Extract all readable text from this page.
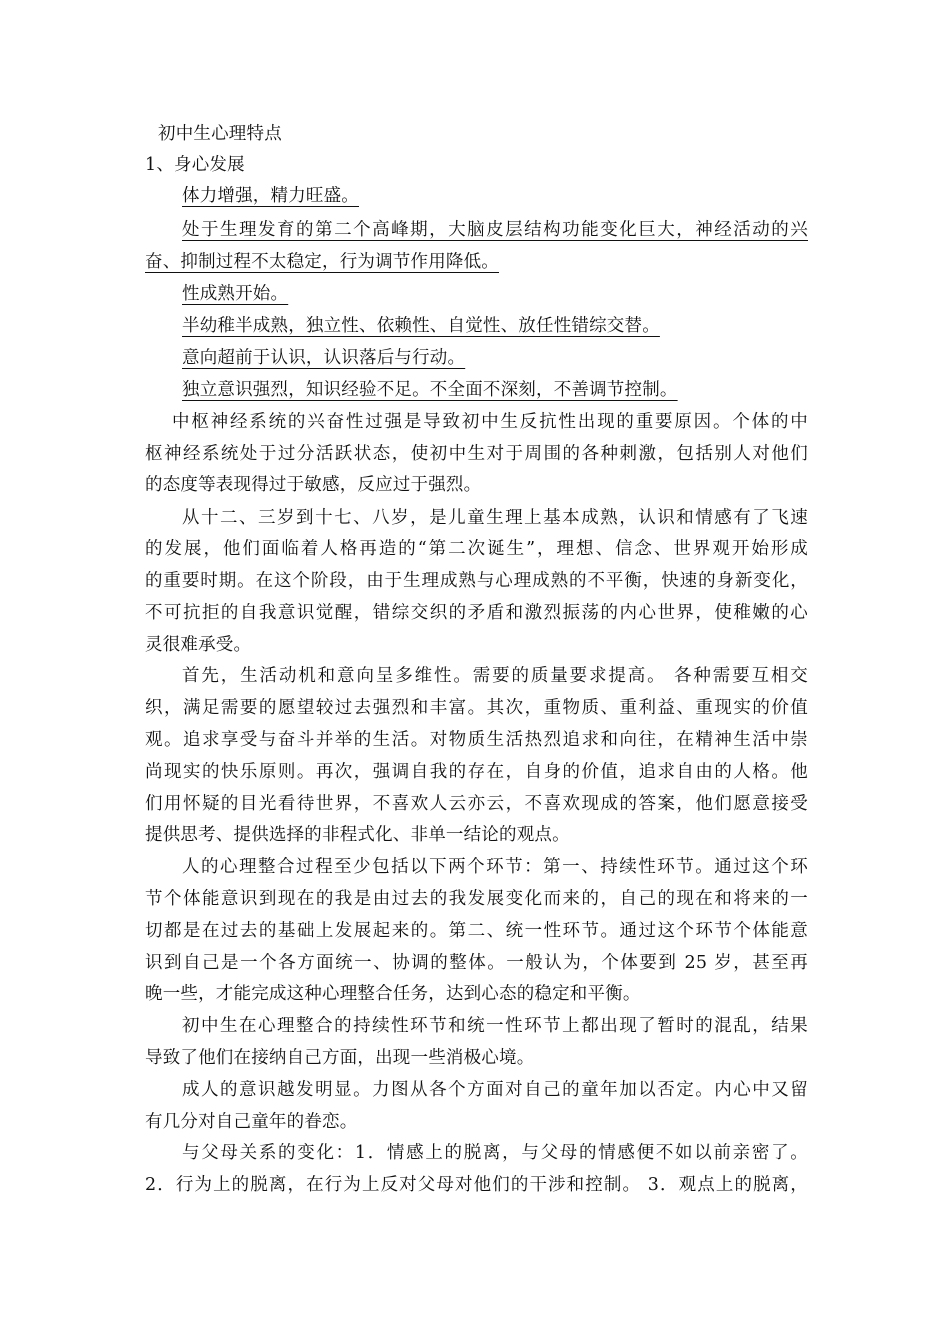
初中生心理特点
1、身心发展
体力增强，精力旺盛。
处于生理发育的第二个高峰期，大脑皮层结构功能变化巨大，神经活动的兴
奋、抑制过程不太稳定，行为调节作用降低。
性成熟开始。
半幼稚半成熟，独立性、依赖性、自觉性、放任性错综交替。
意向超前于认识，认识落后与行动。
独立意识强烈，知识经验不足。不全面不深刻，不善调节控制。
中枢神经系统的兴奋性过强是导致初中生反抗性出现的重要原因。个体的中
枢神经系统处于过分活跃状态，使初中生对于周围的各种刺激，包括别人对他们
的态度等表现得过于敏感，反应过于强烈。
从十二、三岁到十七、八岁，是儿童生理上基本成熟，认识和情感有了飞速
的发展，他们面临着人格再造的“第二次诞生”，理想、信念、世界观开始形成
的重要时期。在这个阶段，由于生理成熟与心理成熟的不平衡，快速的身新变化，
不可抗拒的自我意识觉醒，错综交织的矛盾和激烈振荡的内心世界，使稚嫩的心
灵很难承受。
首先，生活动机和意向呈多维性。需要的质量要求提高。 各种需要互相交
织，满足需要的愿望较过去强烈和丰富。其次，重物质、重利益、重现实的价值
观。追求享受与奋斗并举的生活。对物质生活热烈追求和向往，在精神生活中崇
尚现实的快乐原则。再次，强调自我的存在，自身的价值，追求自由的人格。他
们用怀疑的目光看待世界，不喜欢人云亦云，不喜欢现成的答案，他们愿意接受
提供思考、提供选择的非程式化、非单一结论的观点。
人的心理整合过程至少包括以下两个环节：第一、持续性环节。通过这个环
节个体能意识到现在的我是由过去的我发展变化而来的，自己的现在和将来的一
切都是在过去的基础上发展起来的。第二、统一性环节。通过这个环节个体能意
识到自己是一个各方面统一、协调的整体。一般认为，个体要到 25 岁，甚至再
晚一些，才能完成这种心理整合任务，达到心态的稳定和平衡。
初中生在心理整合的持续性环节和统一性环节上都出现了暂时的混乱，结果
导致了他们在接纳自己方面，出现一些消极心境。
成人的意识越发明显。力图从各个方面对自己的童年加以否定。内心中又留
有几分对自己童年的眷恋。
与父母关系的变化：1．情感上的脱离，与父母的情感便不如以前亲密了。
2．行为上的脱离，在行为上反对父母对他们的干涉和控制。 3．观点上的脱离，
